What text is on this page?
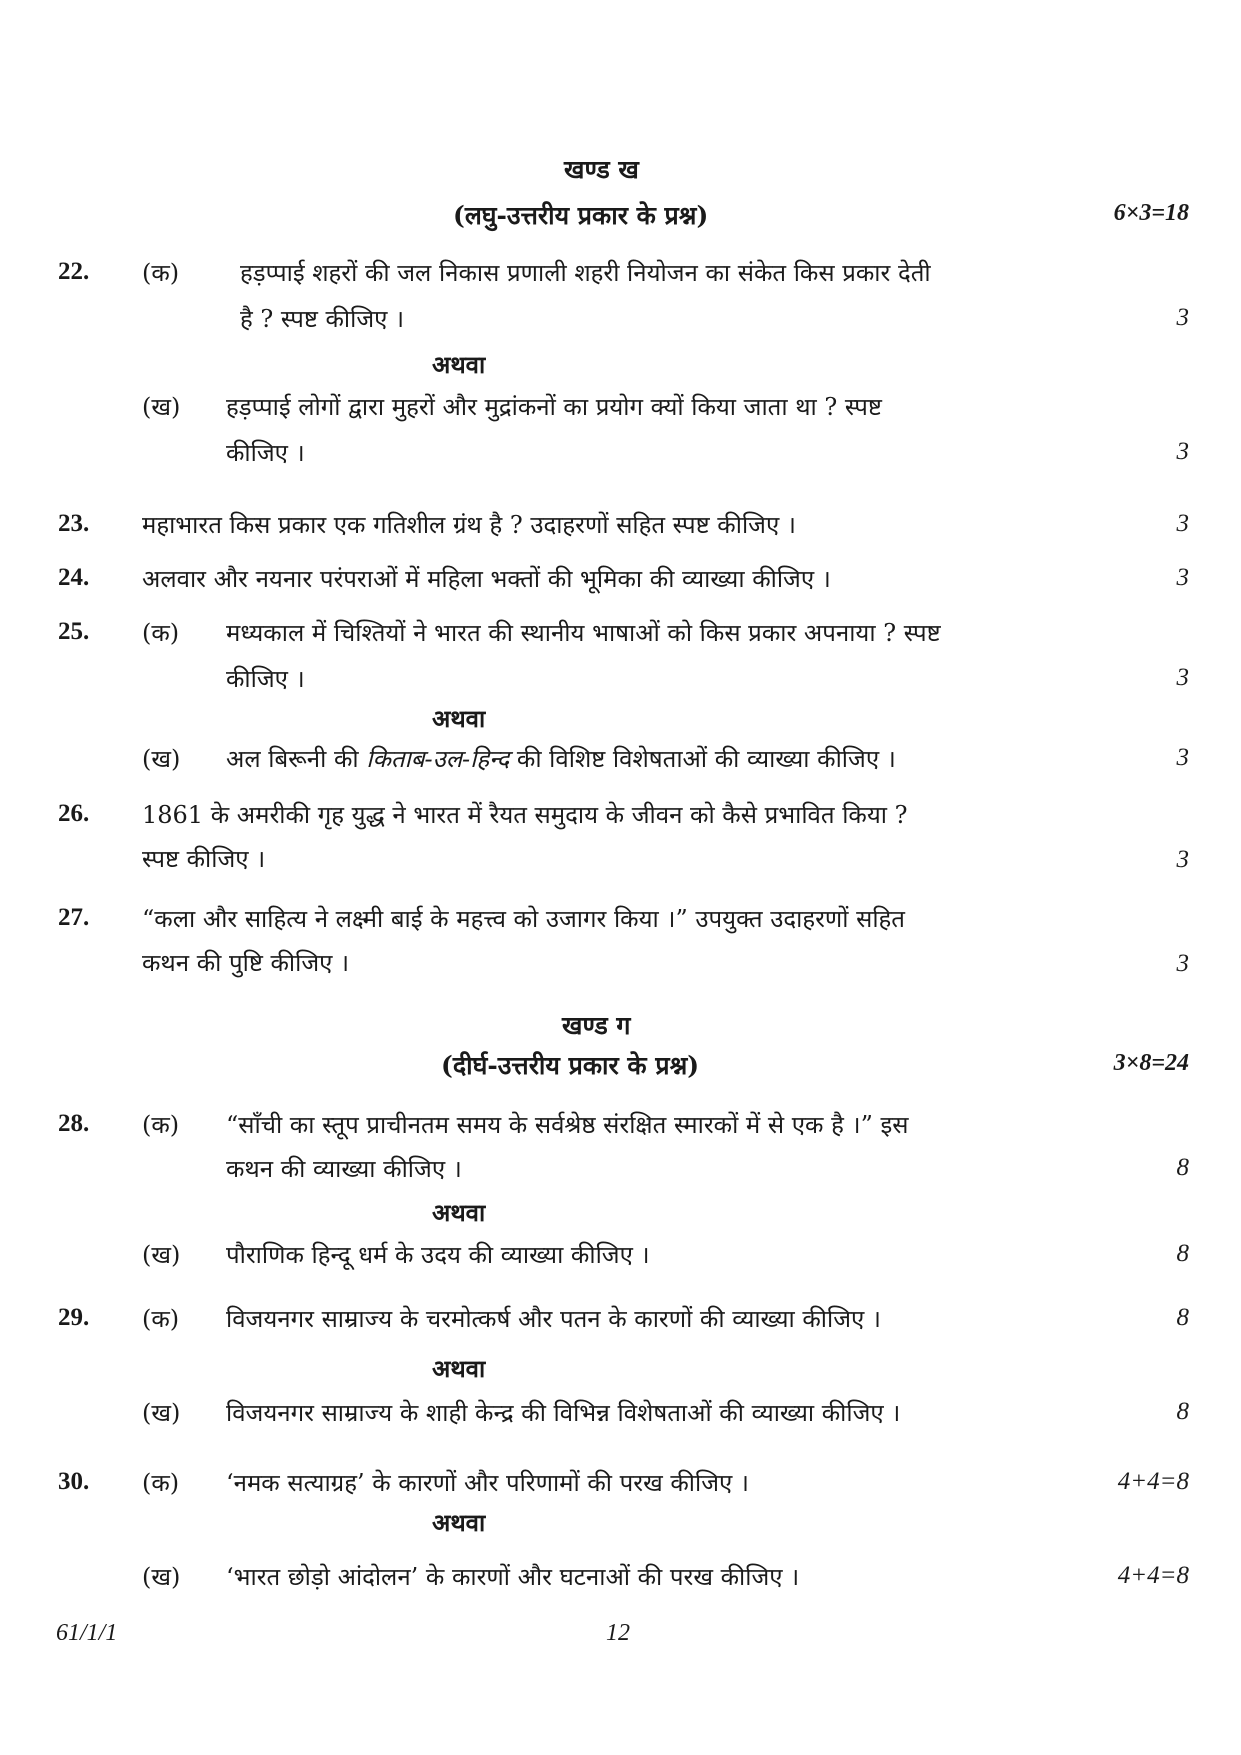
खण्ड ख
(लघु-उत्तरीय प्रकार के प्रश्न)	6×3=18
22. (क)	हड़प्पाई शहरों की जल निकास प्रणाली शहरी नियोजन का संकेत किस प्रकार देती
है ? स्पष्ट कीजिए ।	3
अथवा
(ख) हड़प्पाई लोगों द्वारा मुहरों और मुद्रांकनों का प्रयोग क्यों किया जाता था ? स्पष्ट
कीजिए ।	3
23. महाभारत किस प्रकार एक गतिशील ग्रंथ है ? उदाहरणों सहित स्पष्ट कीजिए ।	3
24. अलवार और नयनार परंपराओं में महिला भक्तों की भूमिका की व्याख्या कीजिए ।	3
25. (क) मध्यकाल में चिश्तियों ने भारत की स्थानीय भाषाओं को किस प्रकार अपनाया ? स्पष्ट
कीजिए ।	3
अथवा
(ख) अल बिरूनी की किताब-उल-हिन्द की विशिष्ट विशेषताओं की व्याख्या कीजिए ।	3
26. 1861 के अमरीकी गृह युद्ध ने भारत में रैयत समुदाय के जीवन को कैसे प्रभावित किया ?
स्पष्ट कीजिए ।	3
27. “कला और साहित्य ने लक्ष्मी बाई के महत्त्व को उजागर किया ।” उपयुक्त उदाहरणों सहित
कथन की पुष्टि कीजिए ।	3
खण्ड ग
(दीर्घ-उत्तरीय प्रकार के प्रश्न)	3×8=24
28. (क) “साँची का स्तूप प्राचीनतम समय के सर्वश्रेष्ठ संरक्षित स्मारकों में से एक है ।” इस
कथन की व्याख्या कीजिए ।	8
अथवा
(ख) पौराणिक हिन्दू धर्म के उदय की व्याख्या कीजिए ।	8
29. (क) विजयनगर साम्राज्य के चरमोत्कर्ष और पतन के कारणों की व्याख्या कीजिए ।	8
अथवा
(ख) विजयनगर साम्राज्य के शाही केन्द्र की विभिन्न विशेषताओं की व्याख्या कीजिए ।	8
30. (क) ‘नमक सत्याग्रह’ के कारणों और परिणामों की परख कीजिए ।	4+4=8
अथवा
(ख) ‘भारत छोड़ो आंदोलन’ के कारणों और घटनाओं की परख कीजिए ।	4+4=8
61/1/1	12
